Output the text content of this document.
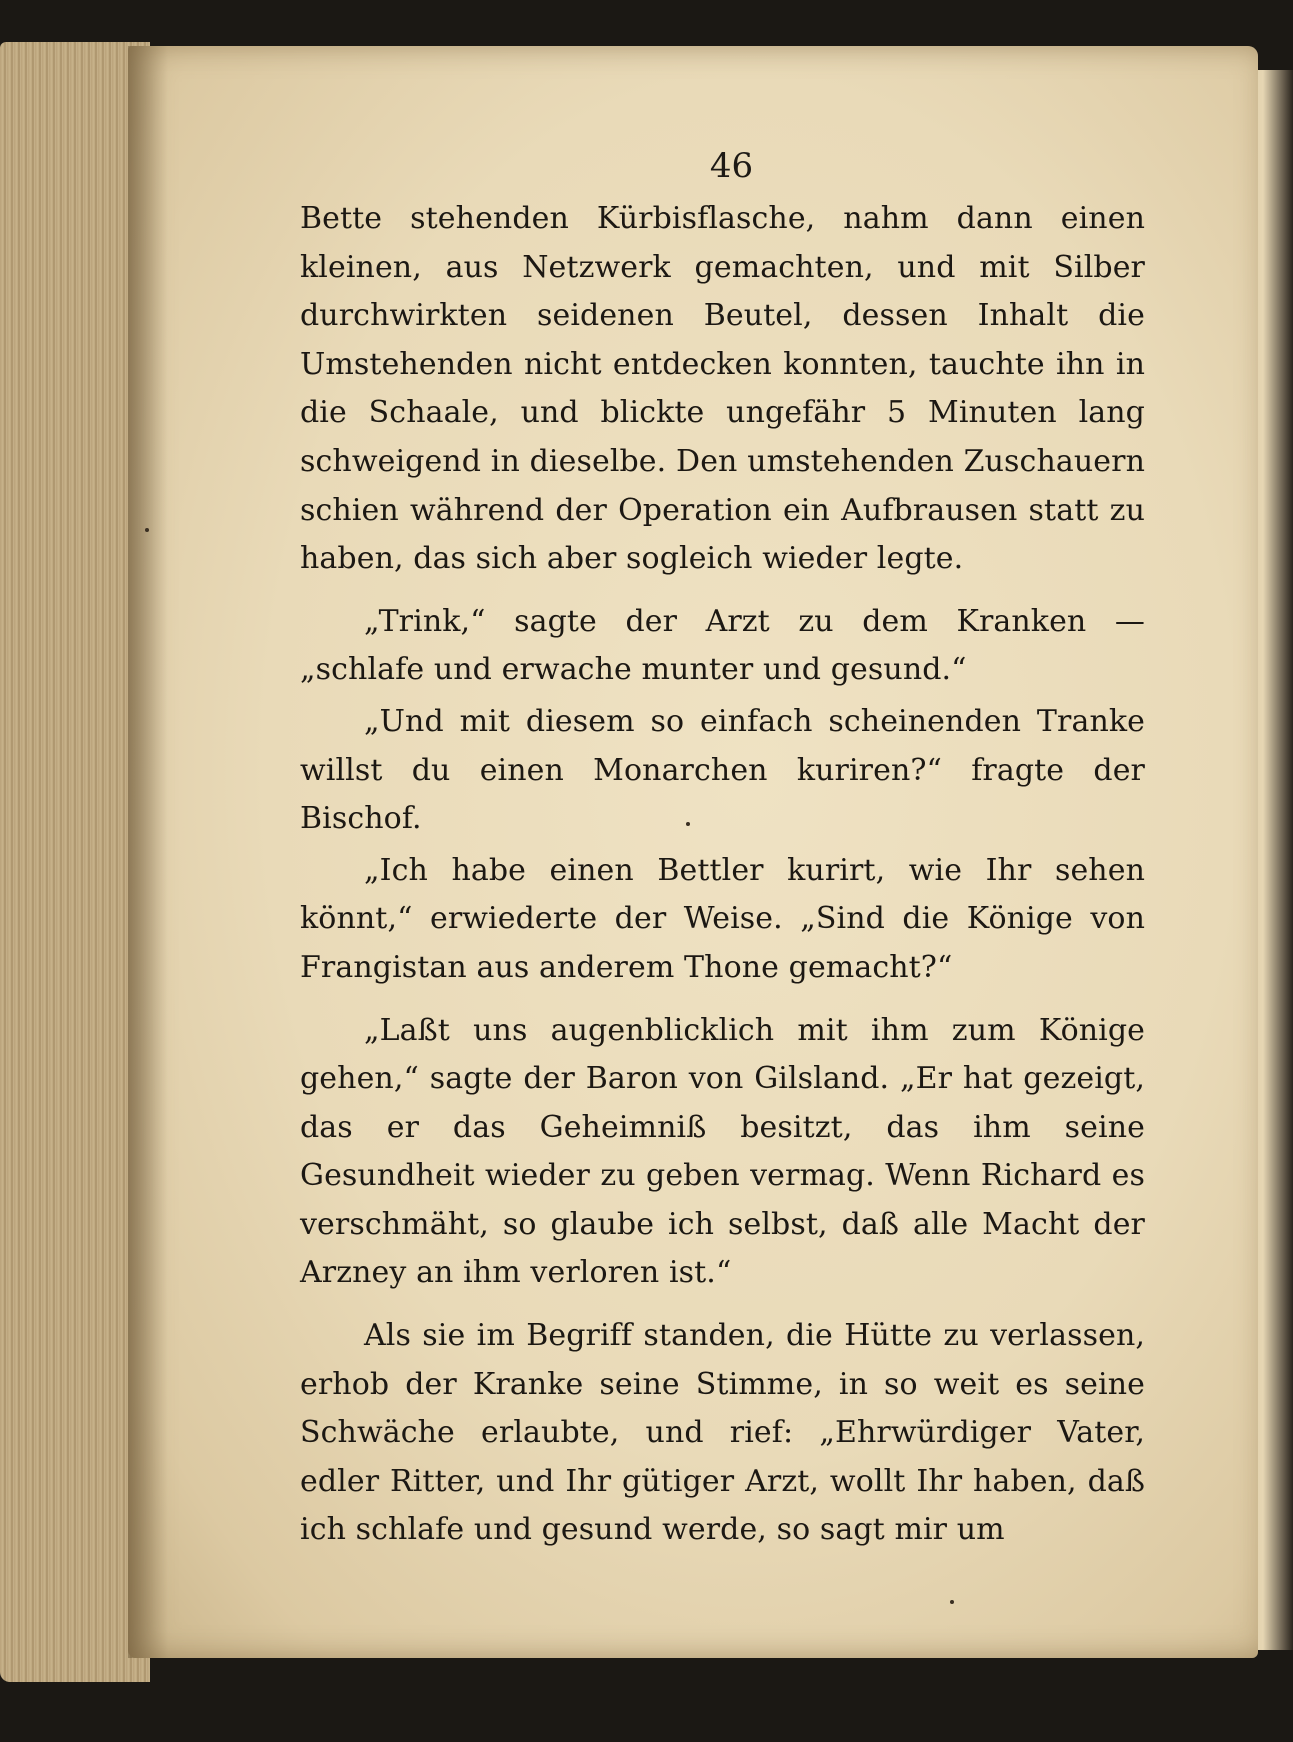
46

Bette stehenden Kürbisflasche, nahm dann einen kleinen, aus Netzwerk gemachten, und mit Silber durchwirkten seidenen Beutel, dessen Inhalt die Umstehenden nicht entdecken konnten, tauchte ihn in die Schaale, und blickte ungefähr 5 Minuten lang schweigend in dieselbe. Den umstehenden Zuschauern schien während der Operation ein Aufbrausen statt zu haben, das sich aber sogleich wieder legte.

„Trink,“ sagte der Arzt zu dem Kranken — „schlafe und erwache munter und gesund.“

„Und mit diesem so einfach scheinenden Tranke willst du einen Monarchen kuriren?“ fragte der Bischof.

„Ich habe einen Bettler kurirt, wie Ihr sehen könnt,“ erwiederte der Weise. „Sind die Könige von Frangistan aus anderem Thone gemacht?“

„Laßt uns augenblicklich mit ihm zum Könige gehen,“ sagte der Baron von Gilsland. „Er hat gezeigt, das er das Geheimniß besitzt, das ihm seine Gesundheit wieder zu geben vermag. Wenn Richard es verschmäht, so glaube ich selbst, daß alle Macht der Arzney an ihm verloren ist.“

Als sie im Begriff standen, die Hütte zu verlassen, erhob der Kranke seine Stimme, in so weit es seine Schwäche erlaubte, und rief: „Ehrwürdiger Vater, edler Ritter, und Ihr gütiger Arzt, wollt Ihr haben, daß ich schlafe und gesund werde, so sagt mir um
